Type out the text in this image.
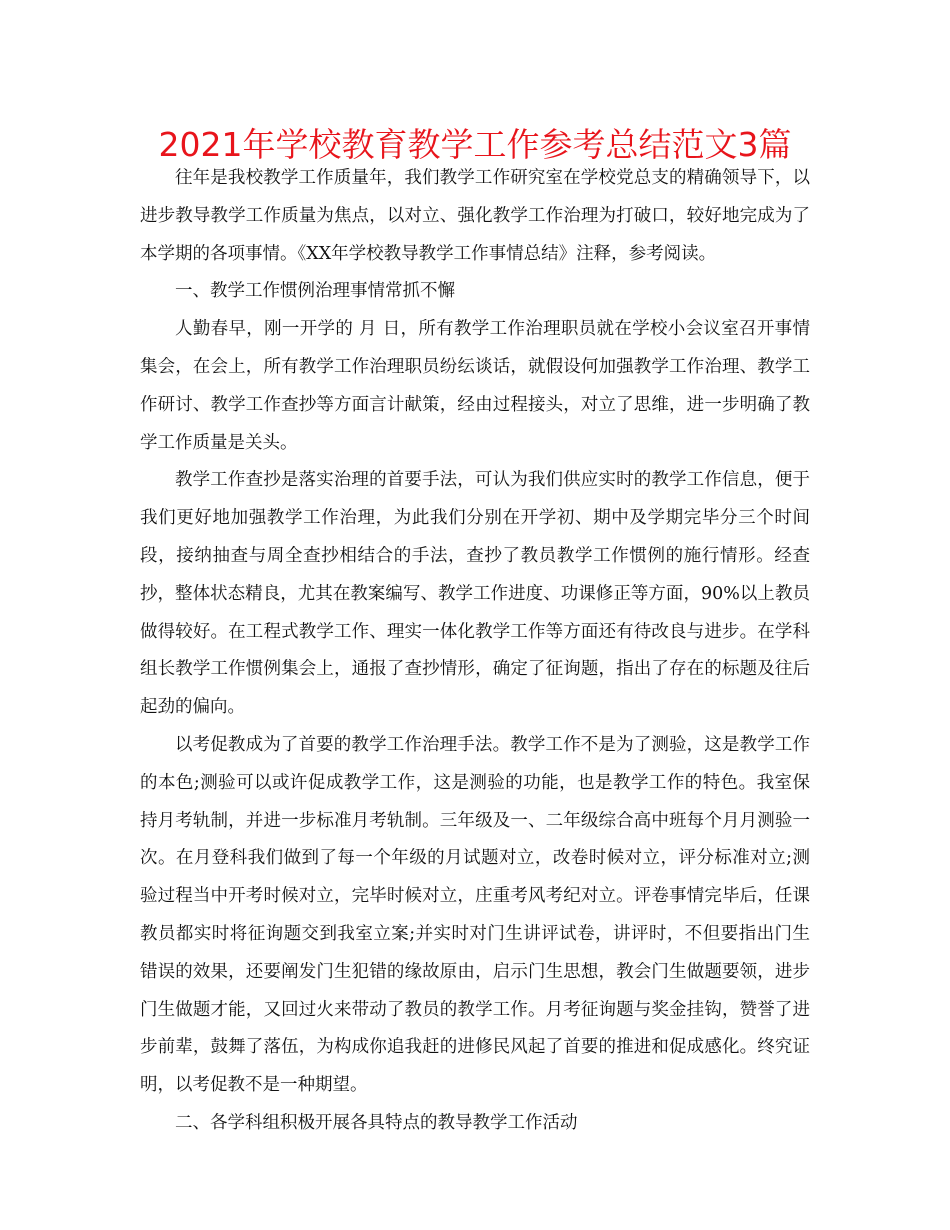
2021年学校教育教学工作参考总结范文3篇

往年是我校教学工作质量年，我们教学工作研究室在学校党总支的精确领导下，以进步教导教学工作质量为焦点，以对立、强化教学工作治理为打破口，较好地完成为了本学期的各项事情。《XX年学校教导教学工作事情总结》注释，参考阅读。

一、教学工作惯例治理事情常抓不懈

人勤春早，刚一开学的 月 日，所有教学工作治理职员就在学校小会议室召开事情集会，在会上，所有教学工作治理职员纷纭谈话，就假设何加强教学工作治理、教学工作研讨、教学工作查抄等方面言计献策，经由过程接头，对立了思维，进一步明确了教学工作质量是关头。

教学工作查抄是落实治理的首要手法，可认为我们供应实时的教学工作信息，便于我们更好地加强教学工作治理，为此我们分别在开学初、期中及学期完毕分三个时间段，接纳抽查与周全查抄相结合的手法，查抄了教员教学工作惯例的施行情形。经查抄，整体状态精良，尤其在教案编写、教学工作进度、功课修正等方面，90%以上教员做得较好。在工程式教学工作、理实一体化教学工作等方面还有待改良与进步。在学科组长教学工作惯例集会上，通报了查抄情形，确定了征询题，指出了存在的标题及往后起劲的偏向。

以考促教成为了首要的教学工作治理手法。教学工作不是为了测验，这是教学工作的本色;测验可以或许促成教学工作，这是测验的功能，也是教学工作的特色。我室保持月考轨制，并进一步标准月考轨制。三年级及一、二年级综合高中班每个月月测验一次。在月登科我们做到了每一个年级的月试题对立，改卷时候对立，评分标准对立;测验过程当中开考时候对立，完毕时候对立，庄重考风考纪对立。评卷事情完毕后，任课教员都实时将征询题交到我室立案;并实时对门生讲评试卷，讲评时，不但要指出门生错误的效果，还要阐发门生犯错的缘故原由，启示门生思想，教会门生做题要领，进步门生做题才能，又回过火来带动了教员的教学工作。月考征询题与奖金挂钩，赞誉了进步前辈，鼓舞了落伍，为构成你追我赶的进修民风起了首要的推进和促成感化。终究证明，以考促教不是一种期望。

二、各学科组积极开展各具特点的教导教学工作活动
